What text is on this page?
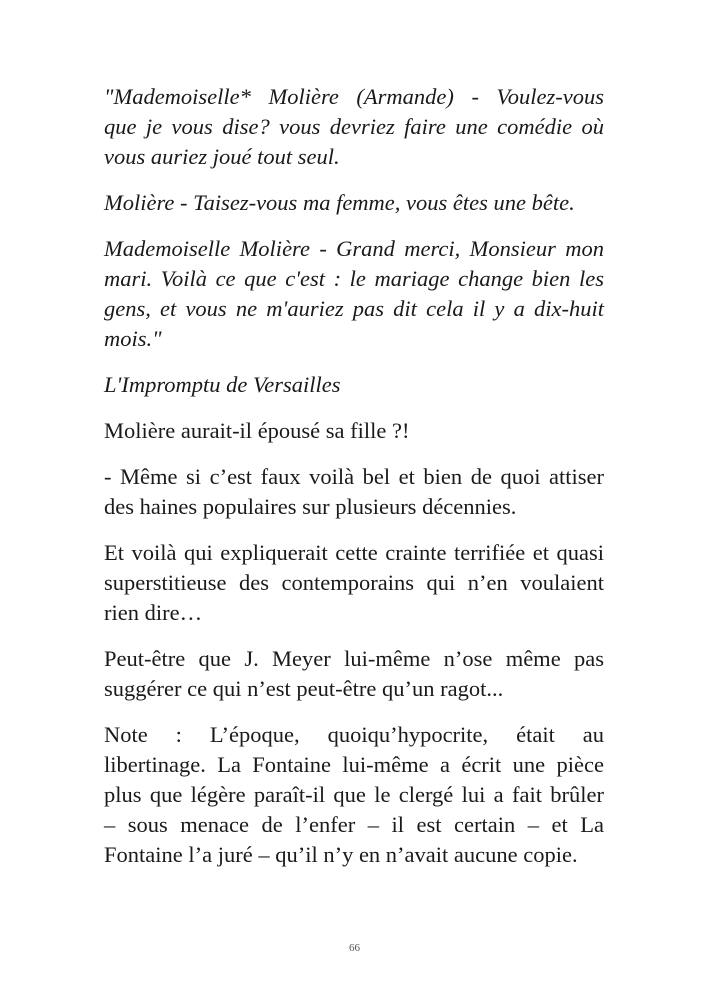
"Mademoiselle* Molière (Armande) - Voulez-vous
que je vous dise? vous devriez faire une comédie où
vous auriez joué tout seul.

Molière - Taisez-vous ma femme, vous êtes une bête.

Mademoiselle Molière - Grand merci, Monsieur mon
mari. Voilà ce que c'est : le mariage change bien les
gens, et vous ne m'auriez pas dit cela il y a dix-huit
mois."

L'Impromptu de Versailles

Molière aurait-il épousé sa fille ?!

- Même si c’est faux voilà bel et bien de quoi attiser
des haines populaires sur plusieurs décennies.

Et voilà qui expliquerait cette crainte terrifiée et quasi
superstitieuse des contemporains qui n’en voulaient
rien dire…

Peut-être que J. Meyer lui-même n’ose même pas
suggérer ce qui n’est peut-être qu’un ragot...

Note : L’époque, quoiqu’hypocrite, était au
libertinage. La Fontaine lui-même a écrit une pièce
plus que légère paraît-il que le clergé lui a fait brûler
– sous menace de l’enfer – il est certain – et La
Fontaine l’a juré – qu’il n’y en n’avait aucune copie.

66
